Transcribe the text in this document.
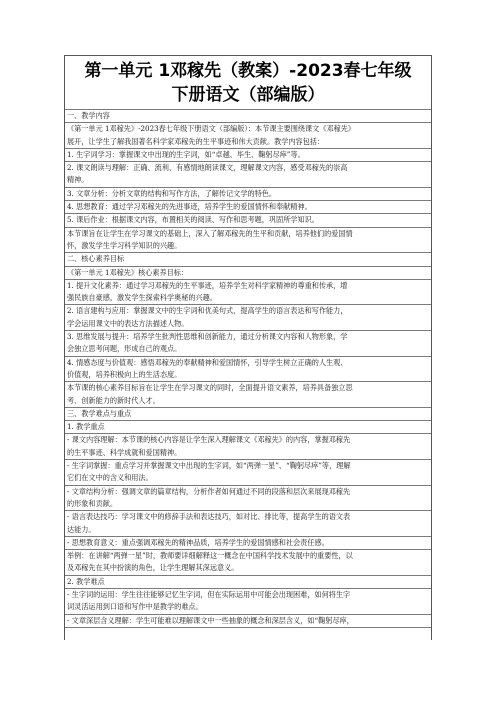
第一单元 1邓稼先（教案）-2023春七年级
下册语文（部编版）
一、教学内容
《第一单元 1邓稼先》-2023春七年级下册语文（部编版）：本节课主要围绕课文《邓稼先》
展开，让学生了解我国著名科学家邓稼先的生平事迹和伟大贡献。教学内容包括：
1. 生字词学习：掌握课文中出现的生字词，如“卓越、毕生、鞠躬尽瘁”等。
2. 课文朗读与理解：正确、流利、有感情地朗读课文，理解课文内容，感受邓稼先的崇高
精神。
3. 文章分析：分析文章的结构和写作方法，了解传记文学的特色。
4. 思想教育：通过学习邓稼先的先进事迹，培养学生的爱国情怀和奉献精神。
5. 课后作业：根据课文内容，布置相关的阅读、写作和思考题，巩固所学知识。
本节课旨在让学生在学习课文的基础上，深入了解邓稼先的生平和贡献，培养他们的爱国情
怀，激发学生学习科学知识的兴趣。
二、核心素养目标
《第一单元 1邓稼先》核心素养目标：
1. 提升文化素养：通过学习邓稼先的生平事迹，培养学生对科学家精神的尊重和传承，增
强民族自豪感，激发学生探索科学奥秘的兴趣。
2. 语言建构与应用：掌握课文中的生字词和优美句式，提高学生的语言表达和写作能力，
学会运用课文中的表达方法描述人物。
3. 思维发展与提升：培养学生批判性思维和创新能力，通过分析课文内容和人物形象，学
会独立思考问题，形成自己的观点。
4. 情感态度与价值观：感悟邓稼先的奉献精神和爱国情怀，引导学生树立正确的人生观、
价值观，培养积极向上的生活态度。
本节课的核心素养目标旨在让学生在学习课文的同时，全面提升语文素养，培养具备独立思
考、创新能力的新时代人才。
三、教学难点与重点
1. 教学重点
- 课文内容理解：本节课的核心内容是让学生深入理解课文《邓稼先》的内容，掌握邓稼先
的生平事迹、科学成就和爱国精神。
- 生字词掌握：重点学习并掌握课文中出现的生字词，如“两弹一星”、“鞠躬尽瘁”等，理解
它们在文中的含义和用法。
- 文章结构分析：强调文章的篇章结构，分析作者如何通过不同的段落和层次来展现邓稼先
的形象和贡献。
- 语言表达技巧：学习课文中的修辞手法和表达技巧，如对比、排比等，提高学生的语文表
达能力。
- 思想教育意义：重点强调邓稼先的精神品质，培养学生的爱国情感和社会责任感。
举例：在讲解“两弹一星”时，教师要详细解释这一概念在中国科学技术发展中的重要性，以
及邓稼先在其中扮演的角色，让学生理解其深远意义。
2. 教学难点
- 生字词的运用：学生往往能够记忆生字词，但在实际运用中可能会出现困难，如何将生字
词灵活运用到口语和写作中是教学的难点。
- 文章深层含义理解：学生可能难以理解课文中一些抽象的概念和深层含义，如“鞠躬尽瘁，
